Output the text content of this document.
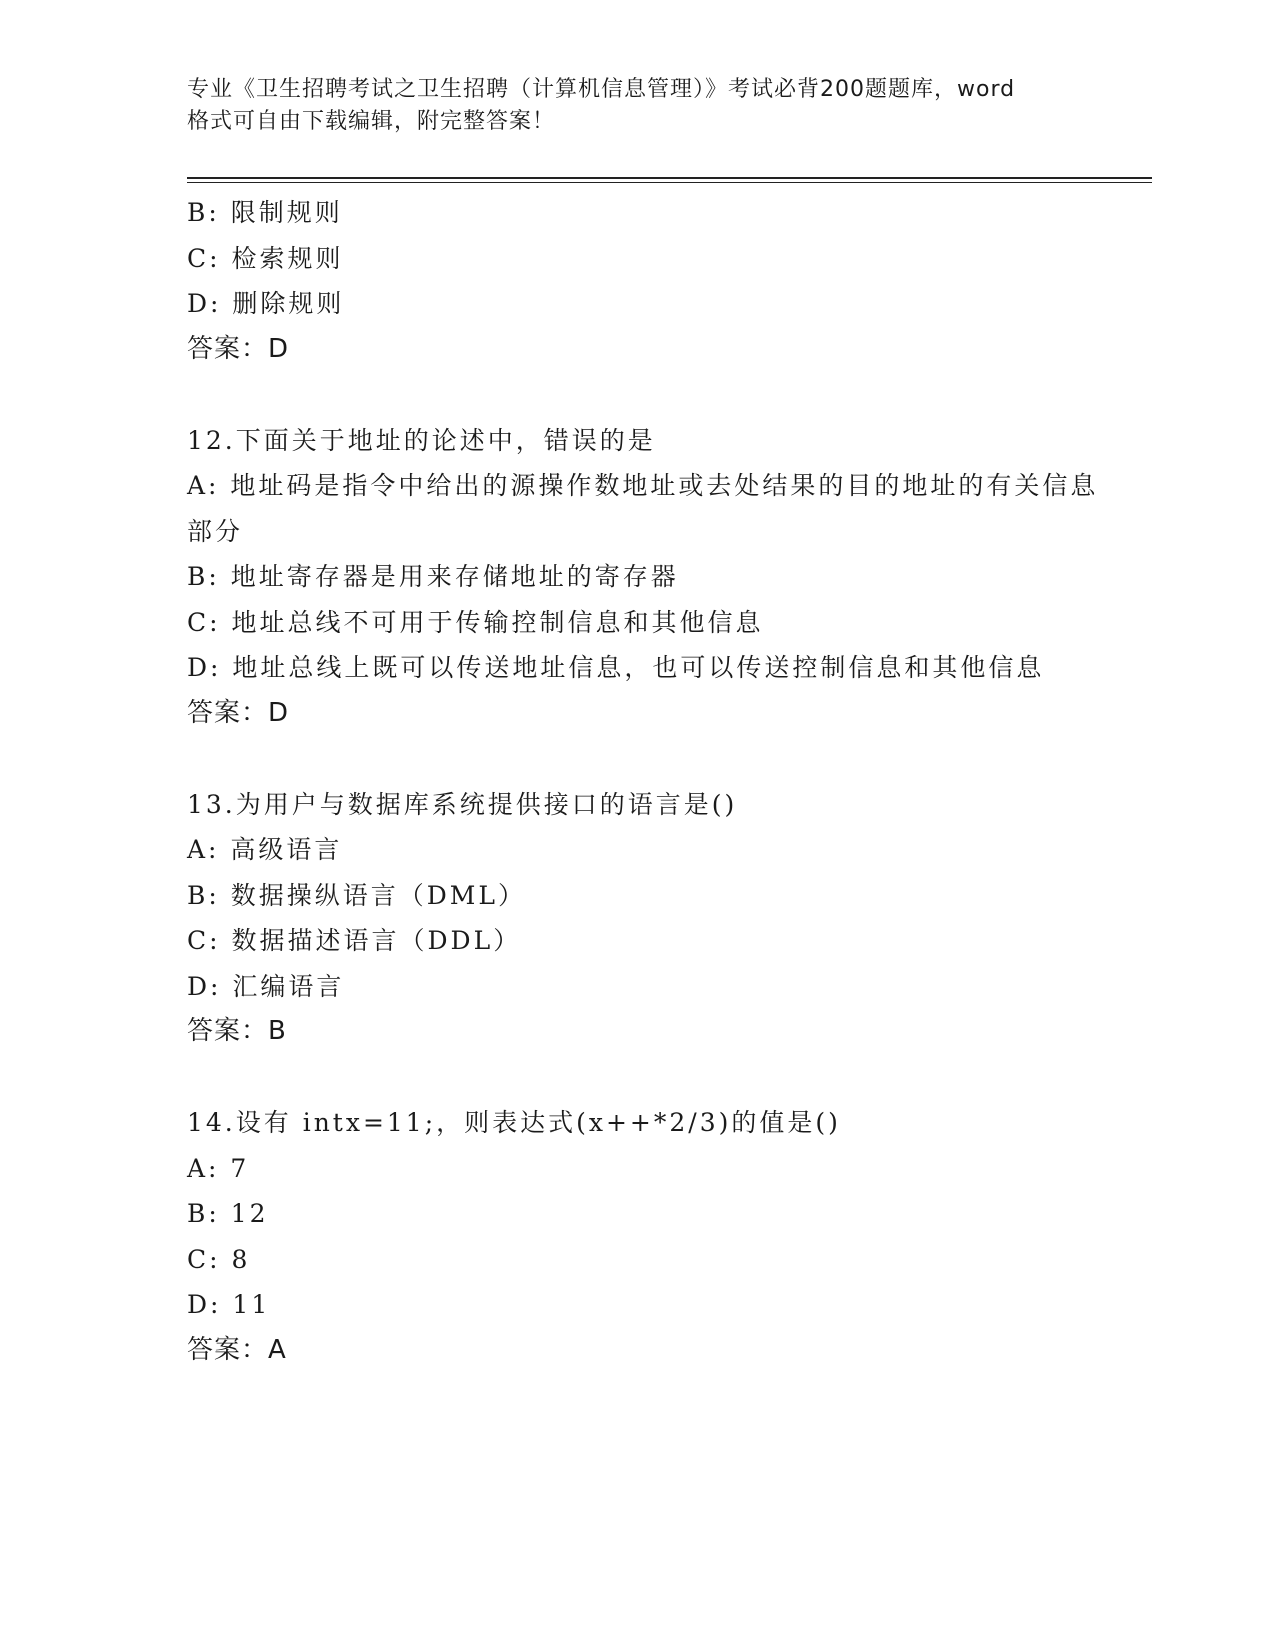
专业《卫生招聘考试之卫生招聘（计算机信息管理）》考试必背200题题库，word
格式可自由下载编辑，附完整答案！
B: 限制规则
C: 检索规则
D: 删除规则
答案：D
12.下面关于地址的论述中，错误的是
A: 地址码是指令中给出的源操作数地址或去处结果的目的地址的有关信息部分
B: 地址寄存器是用来存储地址的寄存器
C: 地址总线不可用于传输控制信息和其他信息
D: 地址总线上既可以传送地址信息，也可以传送控制信息和其他信息
答案：D
13.为用户与数据库系统提供接口的语言是()
A: 高级语言
B: 数据操纵语言（DML）
C: 数据描述语言（DDL）
D: 汇编语言
答案：B
14.设有 intx=11;，则表达式(x++*2/3)的值是()
A: 7
B: 12
C: 8
D: 11
答案：A
